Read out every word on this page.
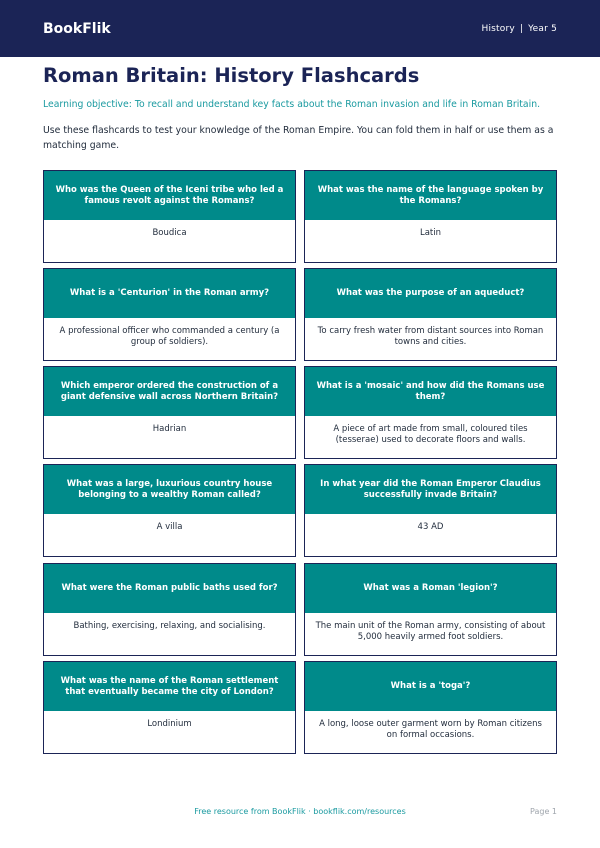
BookFlik	History | Year 5
Roman Britain: History Flashcards

Learning objective: To recall and understand key facts about the Roman invasion and life in Roman Britain.

Use these flashcards to test your knowledge of the Roman Empire. You can fold them in half or use them as a matching game.

Who was the Queen of the Iceni tribe who led a famous revolt against the Romans?
Boudica
What was the name of the language spoken by the Romans?
Latin
What is a 'Centurion' in the Roman army?
A professional officer who commanded a century (a group of soldiers).
What was the purpose of an aqueduct?
To carry fresh water from distant sources into Roman towns and cities.
Which emperor ordered the construction of a giant defensive wall across Northern Britain?
Hadrian
What is a 'mosaic' and how did the Romans use them?
A piece of art made from small, coloured tiles (tesserae) used to decorate floors and walls.
What was a large, luxurious country house belonging to a wealthy Roman called?
A villa
In what year did the Roman Emperor Claudius successfully invade Britain?
43 AD
What were the Roman public baths used for?
Bathing, exercising, relaxing, and socialising.
What was a Roman 'legion'?
The main unit of the Roman army, consisting of about 5,000 heavily armed foot soldiers.
What was the name of the Roman settlement that eventually became the city of London?
Londinium
What is a 'toga'?
A long, loose outer garment worn by Roman citizens on formal occasions.
Free resource from BookFlik · bookflik.com/resources	Page 1
